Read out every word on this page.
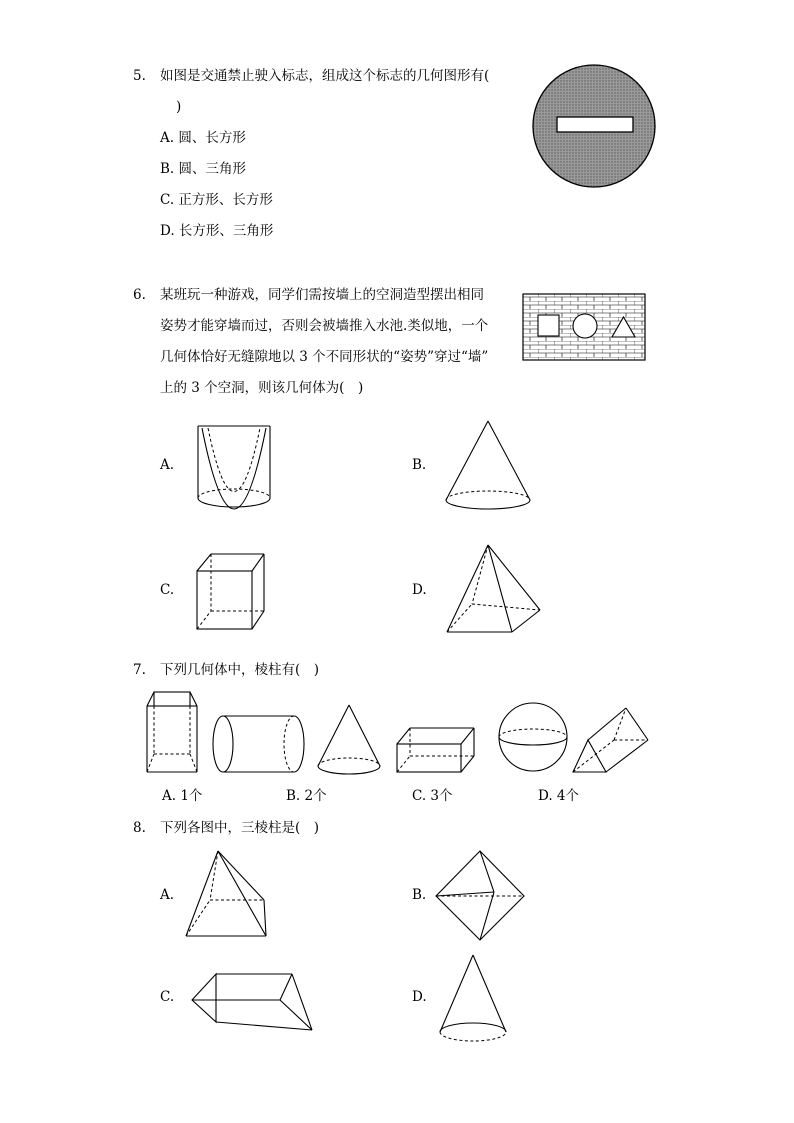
5. 如图是交通禁止驶入标志，组成这个标志的几何图形有(
)
A. 圆、长方形
B. 圆、三角形
C. 正方形、长方形
D. 长方形、三角形
6. 某班玩一种游戏，同学们需按墙上的空洞造型摆出相同
姿势才能穿墙而过，否则会被墙推入水池.类似地，一个
几何体恰好无缝隙地以 3 个不同形状的“姿势”穿过“墙”
上的 3 个空洞，则该几何体为(　)
A.	B.
C.	D.
7. 下列几何体中，棱柱有(　)
A. 1个	B. 2个	C. 3个	D. 4个
8. 下列各图中，三棱柱是(　)
A.	B.
C.	D.
